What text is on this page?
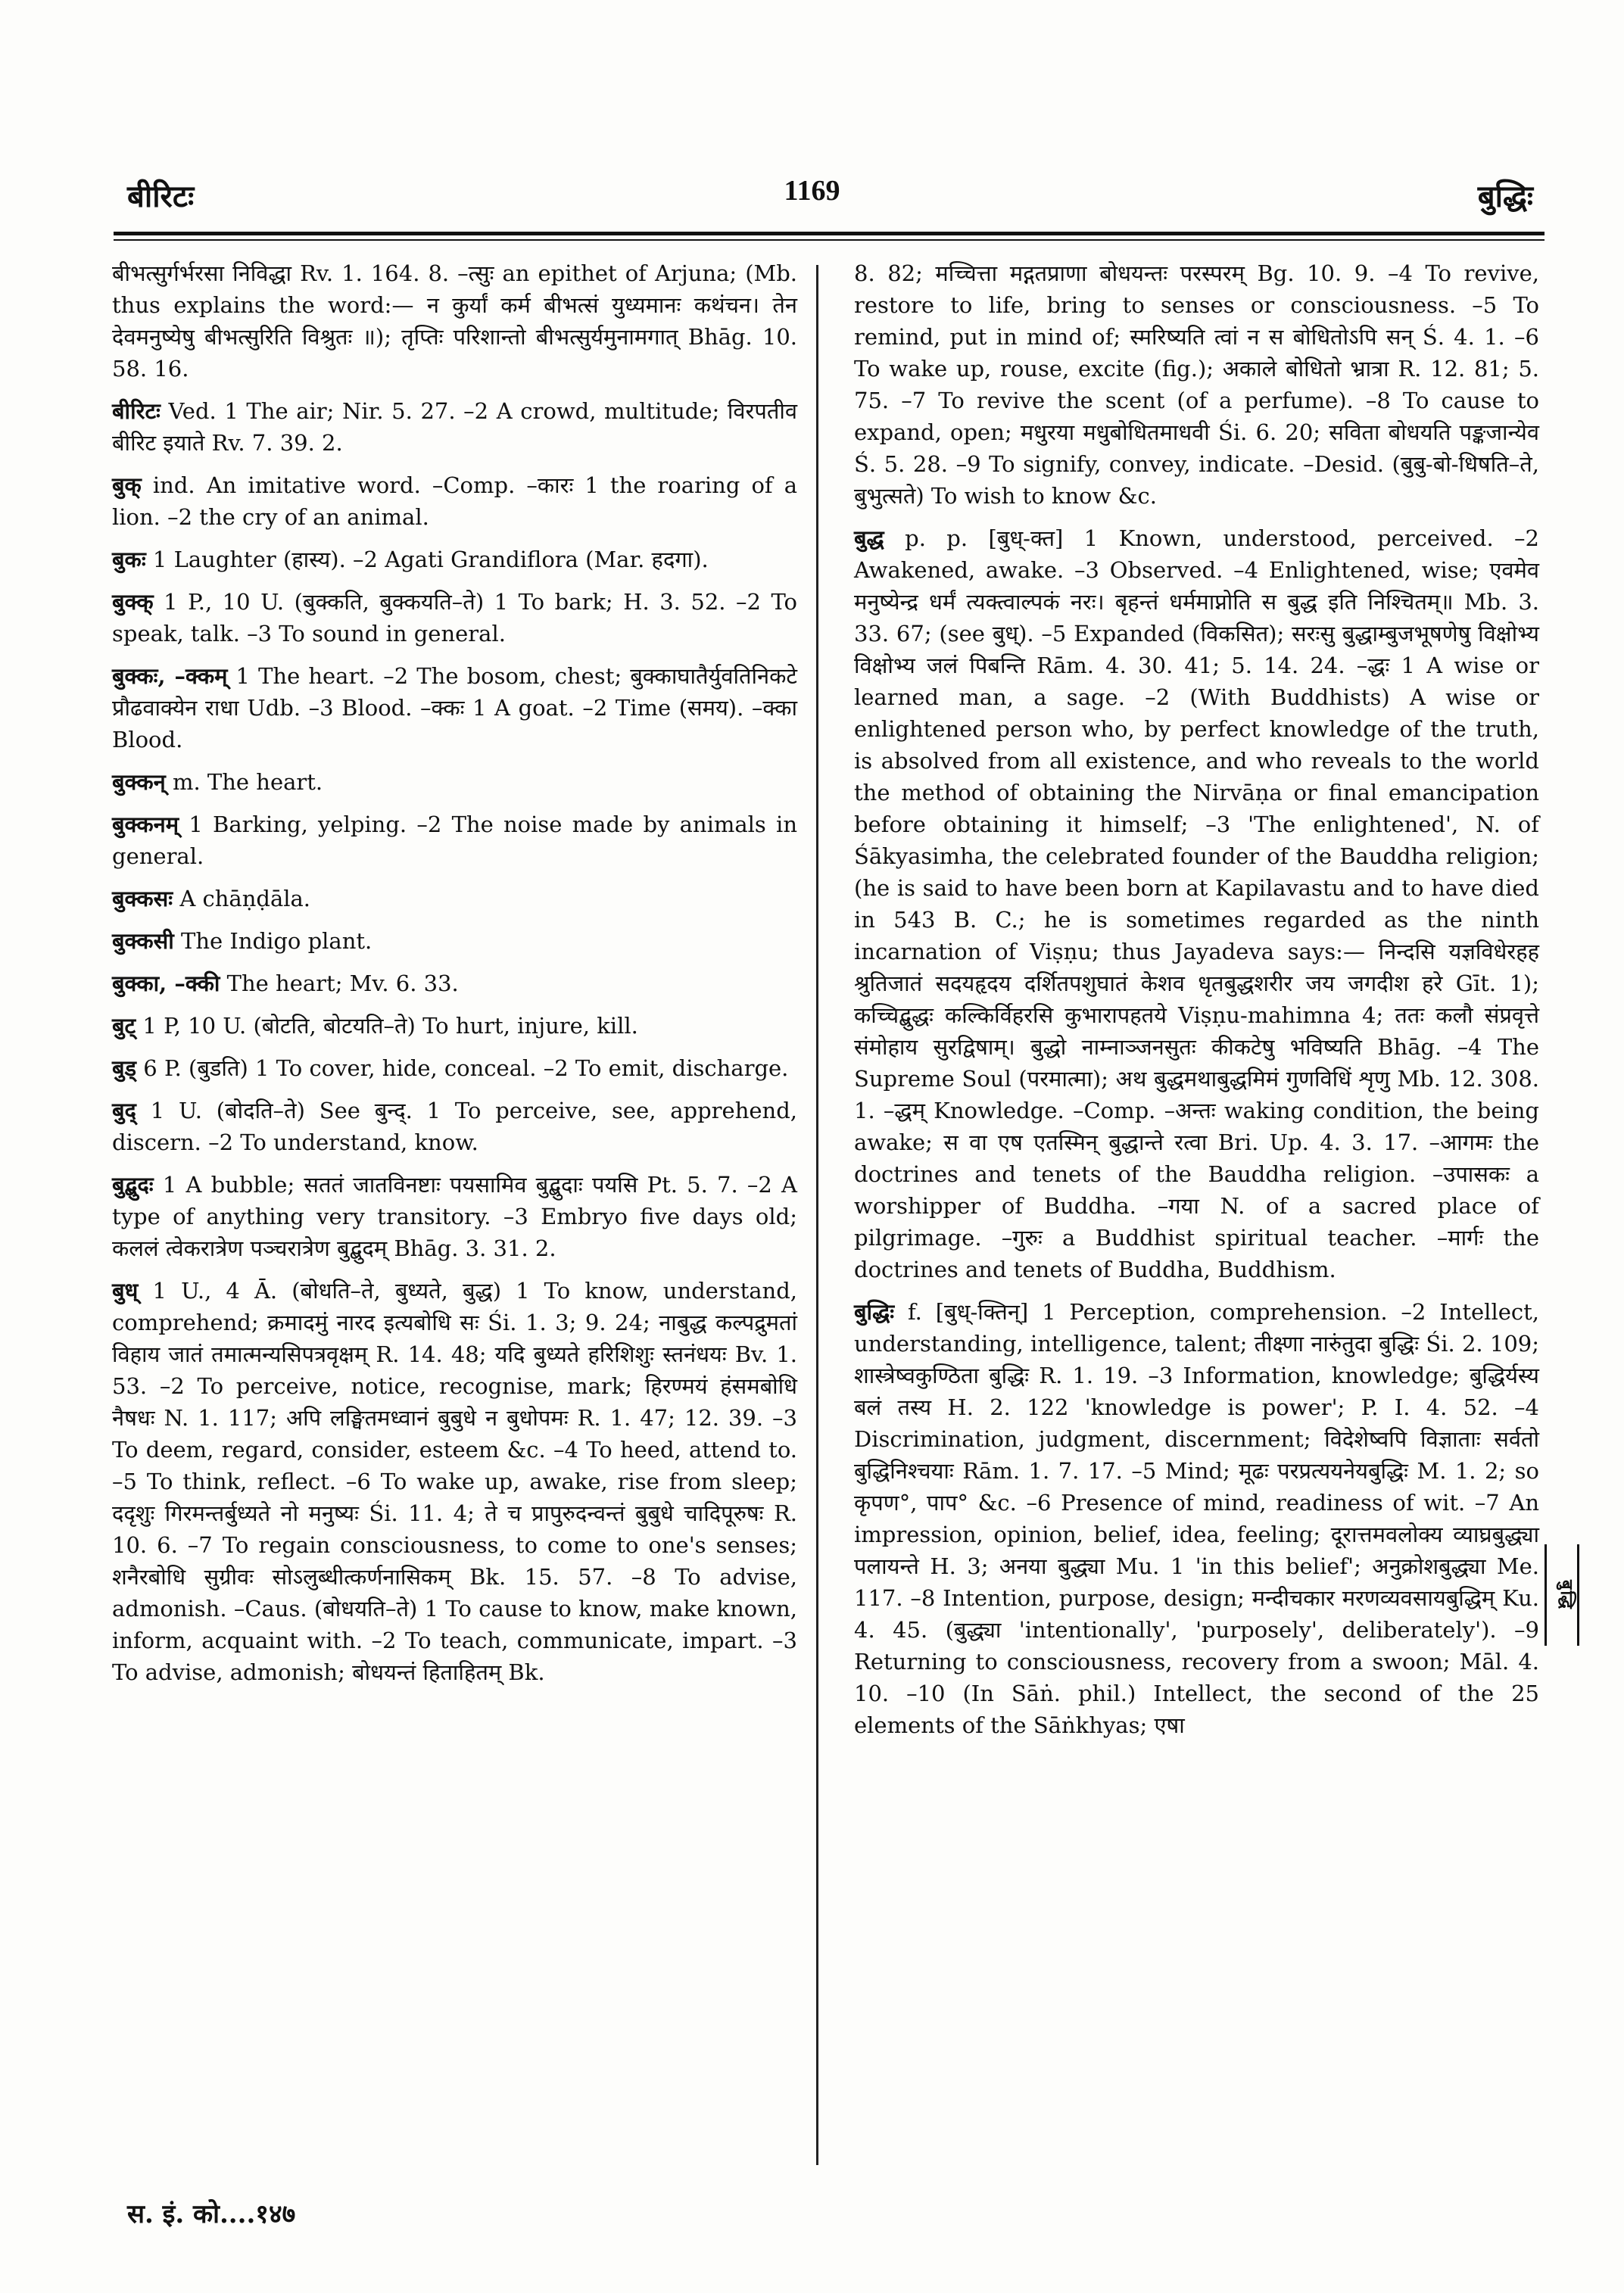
बीरिटः	1169	बुद्धिः

बीभत्सुर्गर्भरसा निविद्धा Rv. 1. 164. 8. –त्सुः an epithet of Arjuna; (Mb. thus explains the word:— न कुर्यां कर्म बीभत्सं युध्यमानः कथंचन। तेन देवमनुष्येषु बीभत्सुरिति विश्रुतः ॥); तृप्तिः परिशान्तो बीभत्सुर्यमुनामगात् Bhāg. 10. 58. 16.

बीरिटः Ved. 1 The air; Nir. 5. 27. –2 A crowd, multitude; विरपतीव बीरिट इयाते Rv. 7. 39. 2.

बुक् ind. An imitative word. –Comp. –कारः 1 the roaring of a lion. –2 the cry of an animal.

बुकः 1 Laughter (हास्य). –2 Agati Grandiflora (Mar. हदगा).

बुक्क् 1 P., 10 U. (बुक्कति, बुक्कयति–ते) 1 To bark; H. 3. 52. –2 To speak, talk. –3 To sound in general.

बुक्कः, –क्कम् 1 The heart. –2 The bosom, chest; बुक्काघातैर्युवतिनिकटे प्रौढवाक्येन राधा Udb. –3 Blood. –क्कः 1 A goat. –2 Time (समय). –क्का Blood.

बुक्कन् m. The heart.

बुक्कनम् 1 Barking, yelping. –2 The noise made by animals in general.

बुक्कसः A chāṇḍāla.

बुक्कसी The Indigo plant.

बुक्का, –क्की The heart; Mv. 6. 33.

बुट् 1 P, 10 U. (बोटति, बोटयति–ते) To hurt, injure, kill.

बुड् 6 P. (बुडति) 1 To cover, hide, conceal. –2 To emit, discharge.

बुद् 1 U. (बोदति–ते) See बुन्द्. 1 To perceive, see, apprehend, discern. –2 To understand, know.

बुद्बुदः 1 A bubble; सततं जातविनष्टाः पयसामिव बुद्बुदाः पयसि Pt. 5. 7. –2 A type of anything very transitory. –3 Embryo five days old; कललं त्वेकरात्रेण पञ्चरात्रेण बुद्बुदम् Bhāg. 3. 31. 2.

बुध् 1 U., 4 Ā. (बोधति–ते, बुध्यते, बुद्ध) 1 To know, understand, comprehend; क्रमादमुं नारद इत्यबोधि सः Śi. 1. 3; 9. 24; नाबुद्ध कल्पद्रुमतां विहाय जातं तमात्मन्यसिपत्रवृक्षम् R. 14. 48; यदि बुध्यते हरिशिशुः स्तनंधयः Bv. 1. 53. –2 To perceive, notice, recognise, mark; हिरण्मयं हंसमबोधि नैषधः N. 1. 117; अपि लङ्घितमध्वानं बुबुधे न बुधोपमः R. 1. 47; 12. 39. –3 To deem, regard, consider, esteem &c. –4 To heed, attend to. –5 To think, reflect. –6 To wake up, awake, rise from sleep; ददृशुः गिरमन्तर्बुध्यते नो मनुष्यः Śi. 11. 4; ते च प्रापुरुदन्वन्तं बुबुधे चादिपूरुषः R. 10. 6. –7 To regain consciousness, to come to one's senses; शनैरबोधि सुग्रीवः सोऽलुब्धीत्कर्णनासिकम् Bk. 15. 57. –8 To advise, admonish. –Caus. (बोधयति–ते) 1 To cause to know, make known, inform, acquaint with. –2 To teach, communicate, impart. –3 To advise, admonish; बोधयन्तं हिताहितम् Bk.

8. 82; मच्चित्ता मद्गतप्राणा बोधयन्तः परस्परम् Bg. 10. 9. –4 To revive, restore to life, bring to senses or consciousness. –5 To remind, put in mind of; स्मरिष्यति त्वां न स बोधितोऽपि सन् Ś. 4. 1. –6 To wake up, rouse, excite (fig.); अकाले बोधितो भ्रात्रा R. 12. 81; 5. 75. –7 To revive the scent (of a perfume). –8 To cause to expand, open; मधुरया मधुबोधितमाधवी Śi. 6. 20; सविता बोधयति पङ्कजान्येव Ś. 5. 28. –9 To signify, convey, indicate. –Desid. (बुबु-बो-धिषति–ते, बुभुत्सते) To wish to know &c.

बुद्ध p. p. [बुध्-क्त] 1 Known, understood, perceived. –2 Awakened, awake. –3 Observed. –4 Enlightened, wise; एवमेव मनुष्येन्द्र धर्मं त्यक्त्वाल्पकं नरः। बृहन्तं धर्ममाप्नोति स बुद्ध इति निश्चितम्॥ Mb. 3. 33. 67; (see बुध्). –5 Expanded (विकसित); सरःसु बुद्धाम्बुजभूषणेषु विक्षोभ्य विक्षोभ्य जलं पिबन्ति Rām. 4. 30. 41; 5. 14. 24. –द्धः 1 A wise or learned man, a sage. –2 (With Buddhists) A wise or enlightened person who, by perfect knowledge of the truth, is absolved from all existence, and who reveals to the world the method of obtaining the Nirvāṇa or final emancipation before obtaining it himself; –3 'The enlightened', N. of Śākyasimha, the celebrated founder of the Bauddha religion; (he is said to have been born at Kapilavastu and to have died in 543 B. C.; he is sometimes regarded as the ninth incarnation of Viṣṇu; thus Jayadeva says:— निन्दसि यज्ञविधेरहह श्रुतिजातं सदयहृदय दर्शितपशुघातं केशव धृतबुद्धशरीर जय जगदीश हरे Gīt. 1); कच्चिद्बुद्धः कल्किर्विहरसि कुभारापहतये Viṣṇu-mahimna 4; ततः कलौ संप्रवृत्ते संमोहाय सुरद्विषाम्। बुद्धो नाम्नाञ्जनसुतः कीकटेषु भविष्यति Bhāg. –4 The Supreme Soul (परमात्मा); अथ बुद्धमथाबुद्धमिमं गुणविधिं शृणु Mb. 12. 308. 1. –द्धम् Knowledge. –Comp. –अन्तः waking condition, the being awake; स वा एष एतस्मिन् बुद्धान्ते रत्वा Bri. Up. 4. 3. 17. –आगमः the doctrines and tenets of the Bauddha religion. –उपासकः a worshipper of Buddha. –गया N. of a sacred place of pilgrimage. –गुरुः a Buddhist spiritual teacher. –मार्गः the doctrines and tenets of Buddha, Buddhism.

बुद्धिः f. [बुध्-क्तिन्] 1 Perception, comprehension. –2 Intellect, understanding, intelligence, talent; तीक्ष्णा नारुंतुदा बुद्धिः Śi. 2. 109; शास्त्रेष्वकुण्ठिता बुद्धिः R. 1. 19. –3 Information, knowledge; बुद्धिर्यस्य बलं तस्य H. 2. 122 'knowledge is power'; P. I. 4. 52. –4 Discrimination, judgment, discernment; विदेशेष्वपि विज्ञाताः सर्वतो बुद्धिनिश्चयाः Rām. 1. 7. 17. –5 Mind; मूढः परप्रत्ययनेयबुद्धिः M. 1. 2; so कृपण°, पाप° &c. –6 Presence of mind, readiness of wit. –7 An impression, opinion, belief, idea, feeling; दूरात्तमवलोक्य व्याघ्रबुद्ध्या पलायन्ते H. 3; अनया बुद्ध्या Mu. 1 'in this belief'; अनुक्रोशबुद्ध्या Me. 117. –8 Intention, purpose, design; मन्दीचकार मरणव्यवसायबुद्धिम् Ku. 4. 45. (बुद्ध्या 'intentionally', 'purposely', deliberately'). –9 Returning to consciousness, recovery from a swoon; Māl. 4. 10. –10 (In Sāṅ. phil.) Intellect, the second of the 25 elements of the Sāṅkhyas; एषा

बुद्धि
स. इं. को....१४७
